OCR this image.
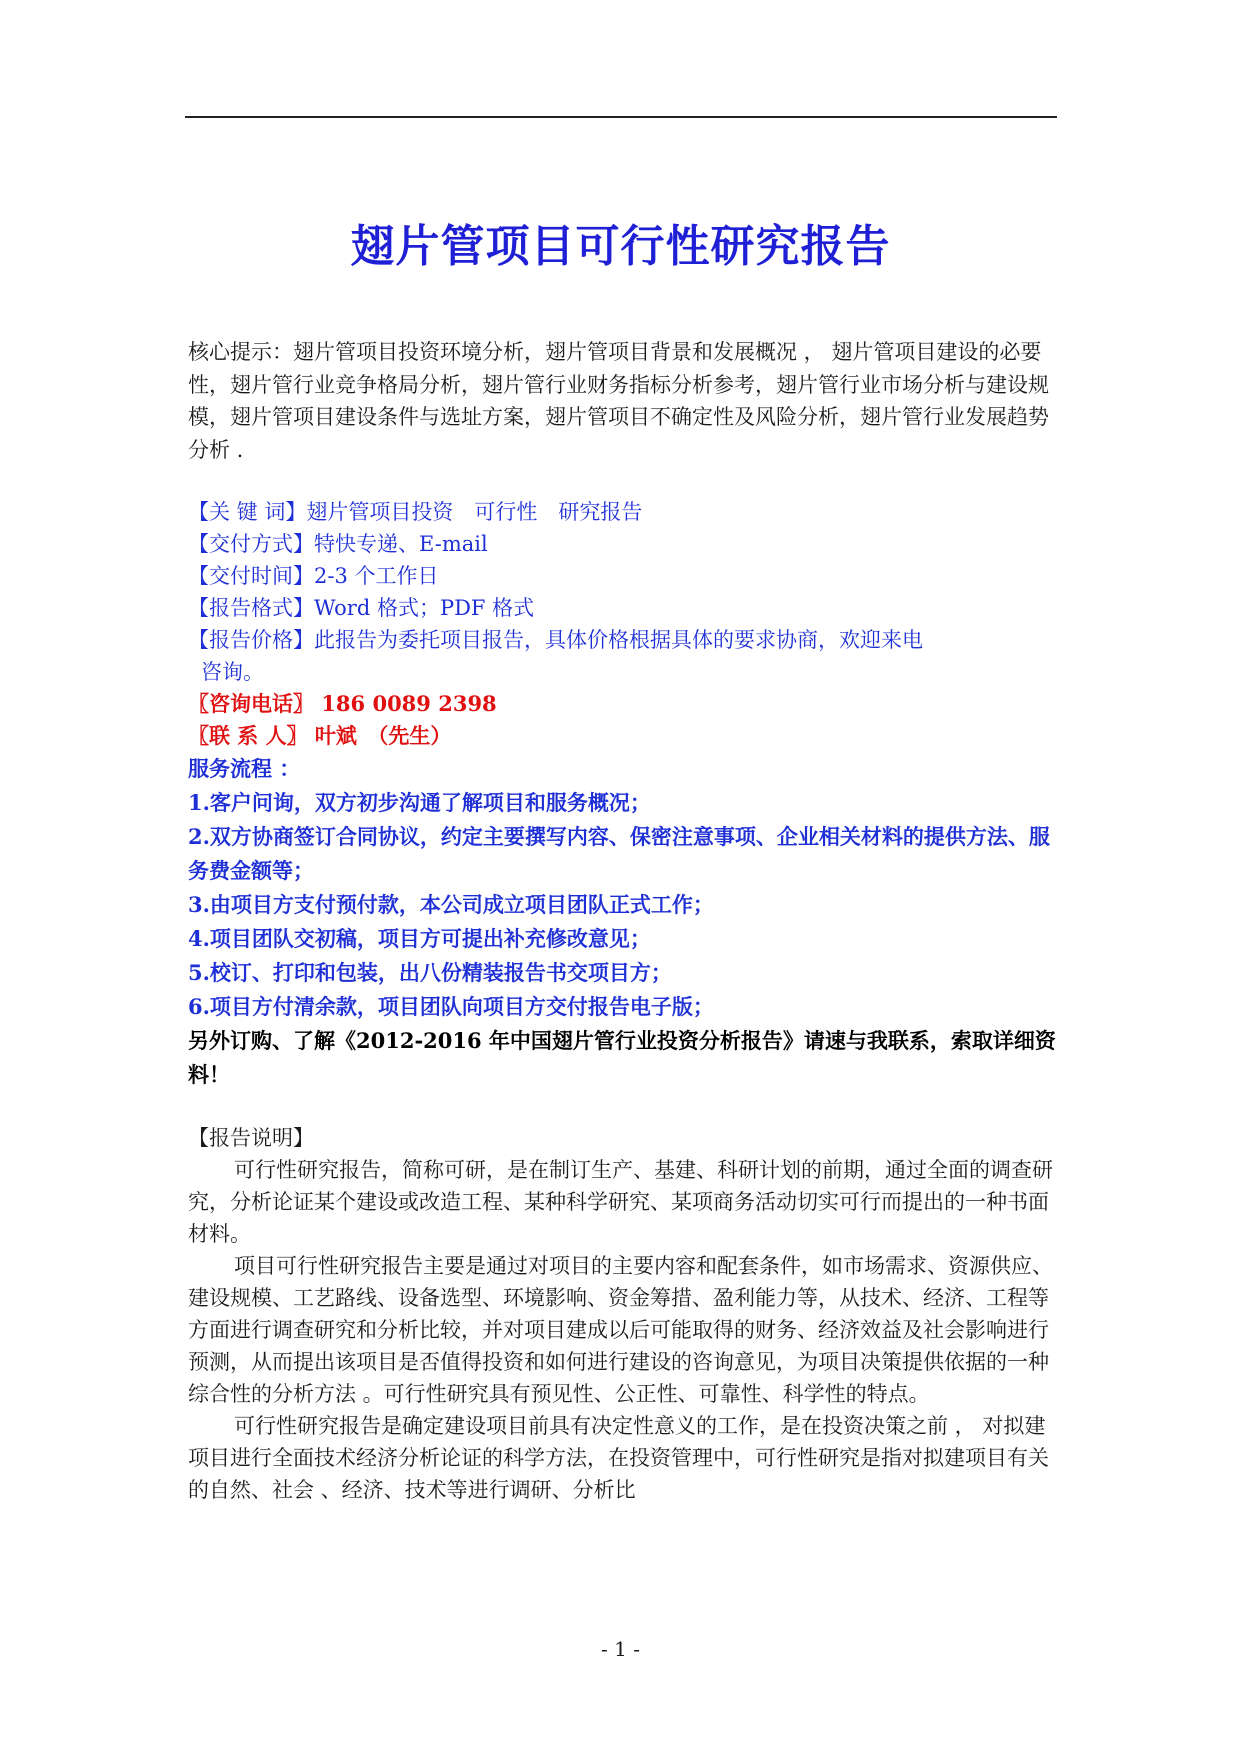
翅片管项目可行性研究报告

核心提示：翅片管项目投资环境分析，翅片管项目背景和发展概况 ， 翅片管项目建设的必要性，翅片管行业竞争格局分析，翅片管行业财务指标分析参考，翅片管行业市场分析与建设规模，翅片管项目建设条件与选址方案，翅片管项目不确定性及风险分析，翅片管行业发展趋势分析 .

【关 键 词】翅片管项目投资　可行性　研究报告

【交付方式】特快专递、E-mail

【交付时间】2-3 个工作日

【报告格式】Word 格式；PDF 格式

【报告价格】此报告为委托项目报告，具体价格根据具体的要求协商，欢迎来电

咨询。

〖咨询电话〗 186 0089 2398

〖联 系 人〗 叶斌　（先生）

服务流程 ：

1.客户问询，双方初步沟通了解项目和服务概况；

2.双方协商签订合同协议，约定主要撰写内容、保密注意事项、企业相关材料的提供方法、服务费金额等；

3.由项目方支付预付款，本公司成立项目团队正式工作；

4.项目团队交初稿，项目方可提出补充修改意见；

5.校订、打印和包装，出八份精装报告书交项目方；

6.项目方付清余款，项目团队向项目方交付报告电子版；

另外订购、了解《2012-2016 年中国翅片管行业投资分析报告》请速与我联系，索取详细资料！

【报告说明】

可行性研究报告，简称可研，是在制订生产、基建、科研计划的前期，通过全面的调查研究，分析论证某个建设或改造工程、某种科学研究、某项商务活动切实可行而提出的一种书面材料。

项目可行性研究报告主要是通过对项目的主要内容和配套条件，如市场需求、资源供应、建设规模、工艺路线、设备选型、环境影响、资金筹措、盈利能力等，从技术、经济、工程等方面进行调查研究和分析比较，并对项目建成以后可能取得的财务、经济效益及社会影响进行预测，从而提出该项目是否值得投资和如何进行建设的咨询意见，为项目决策提供依据的一种综合性的分析方法 。可行性研究具有预见性、公正性、可靠性、科学性的特点。

可行性研究报告是确定建设项目前具有决定性意义的工作，是在投资决策之前 ， 对拟建项目进行全面技术经济分析论证的科学方法，在投资管理中，可行性研究是指对拟建项目有关的自然、社会 、经济、技术等进行调研、分析比

- 1 -
